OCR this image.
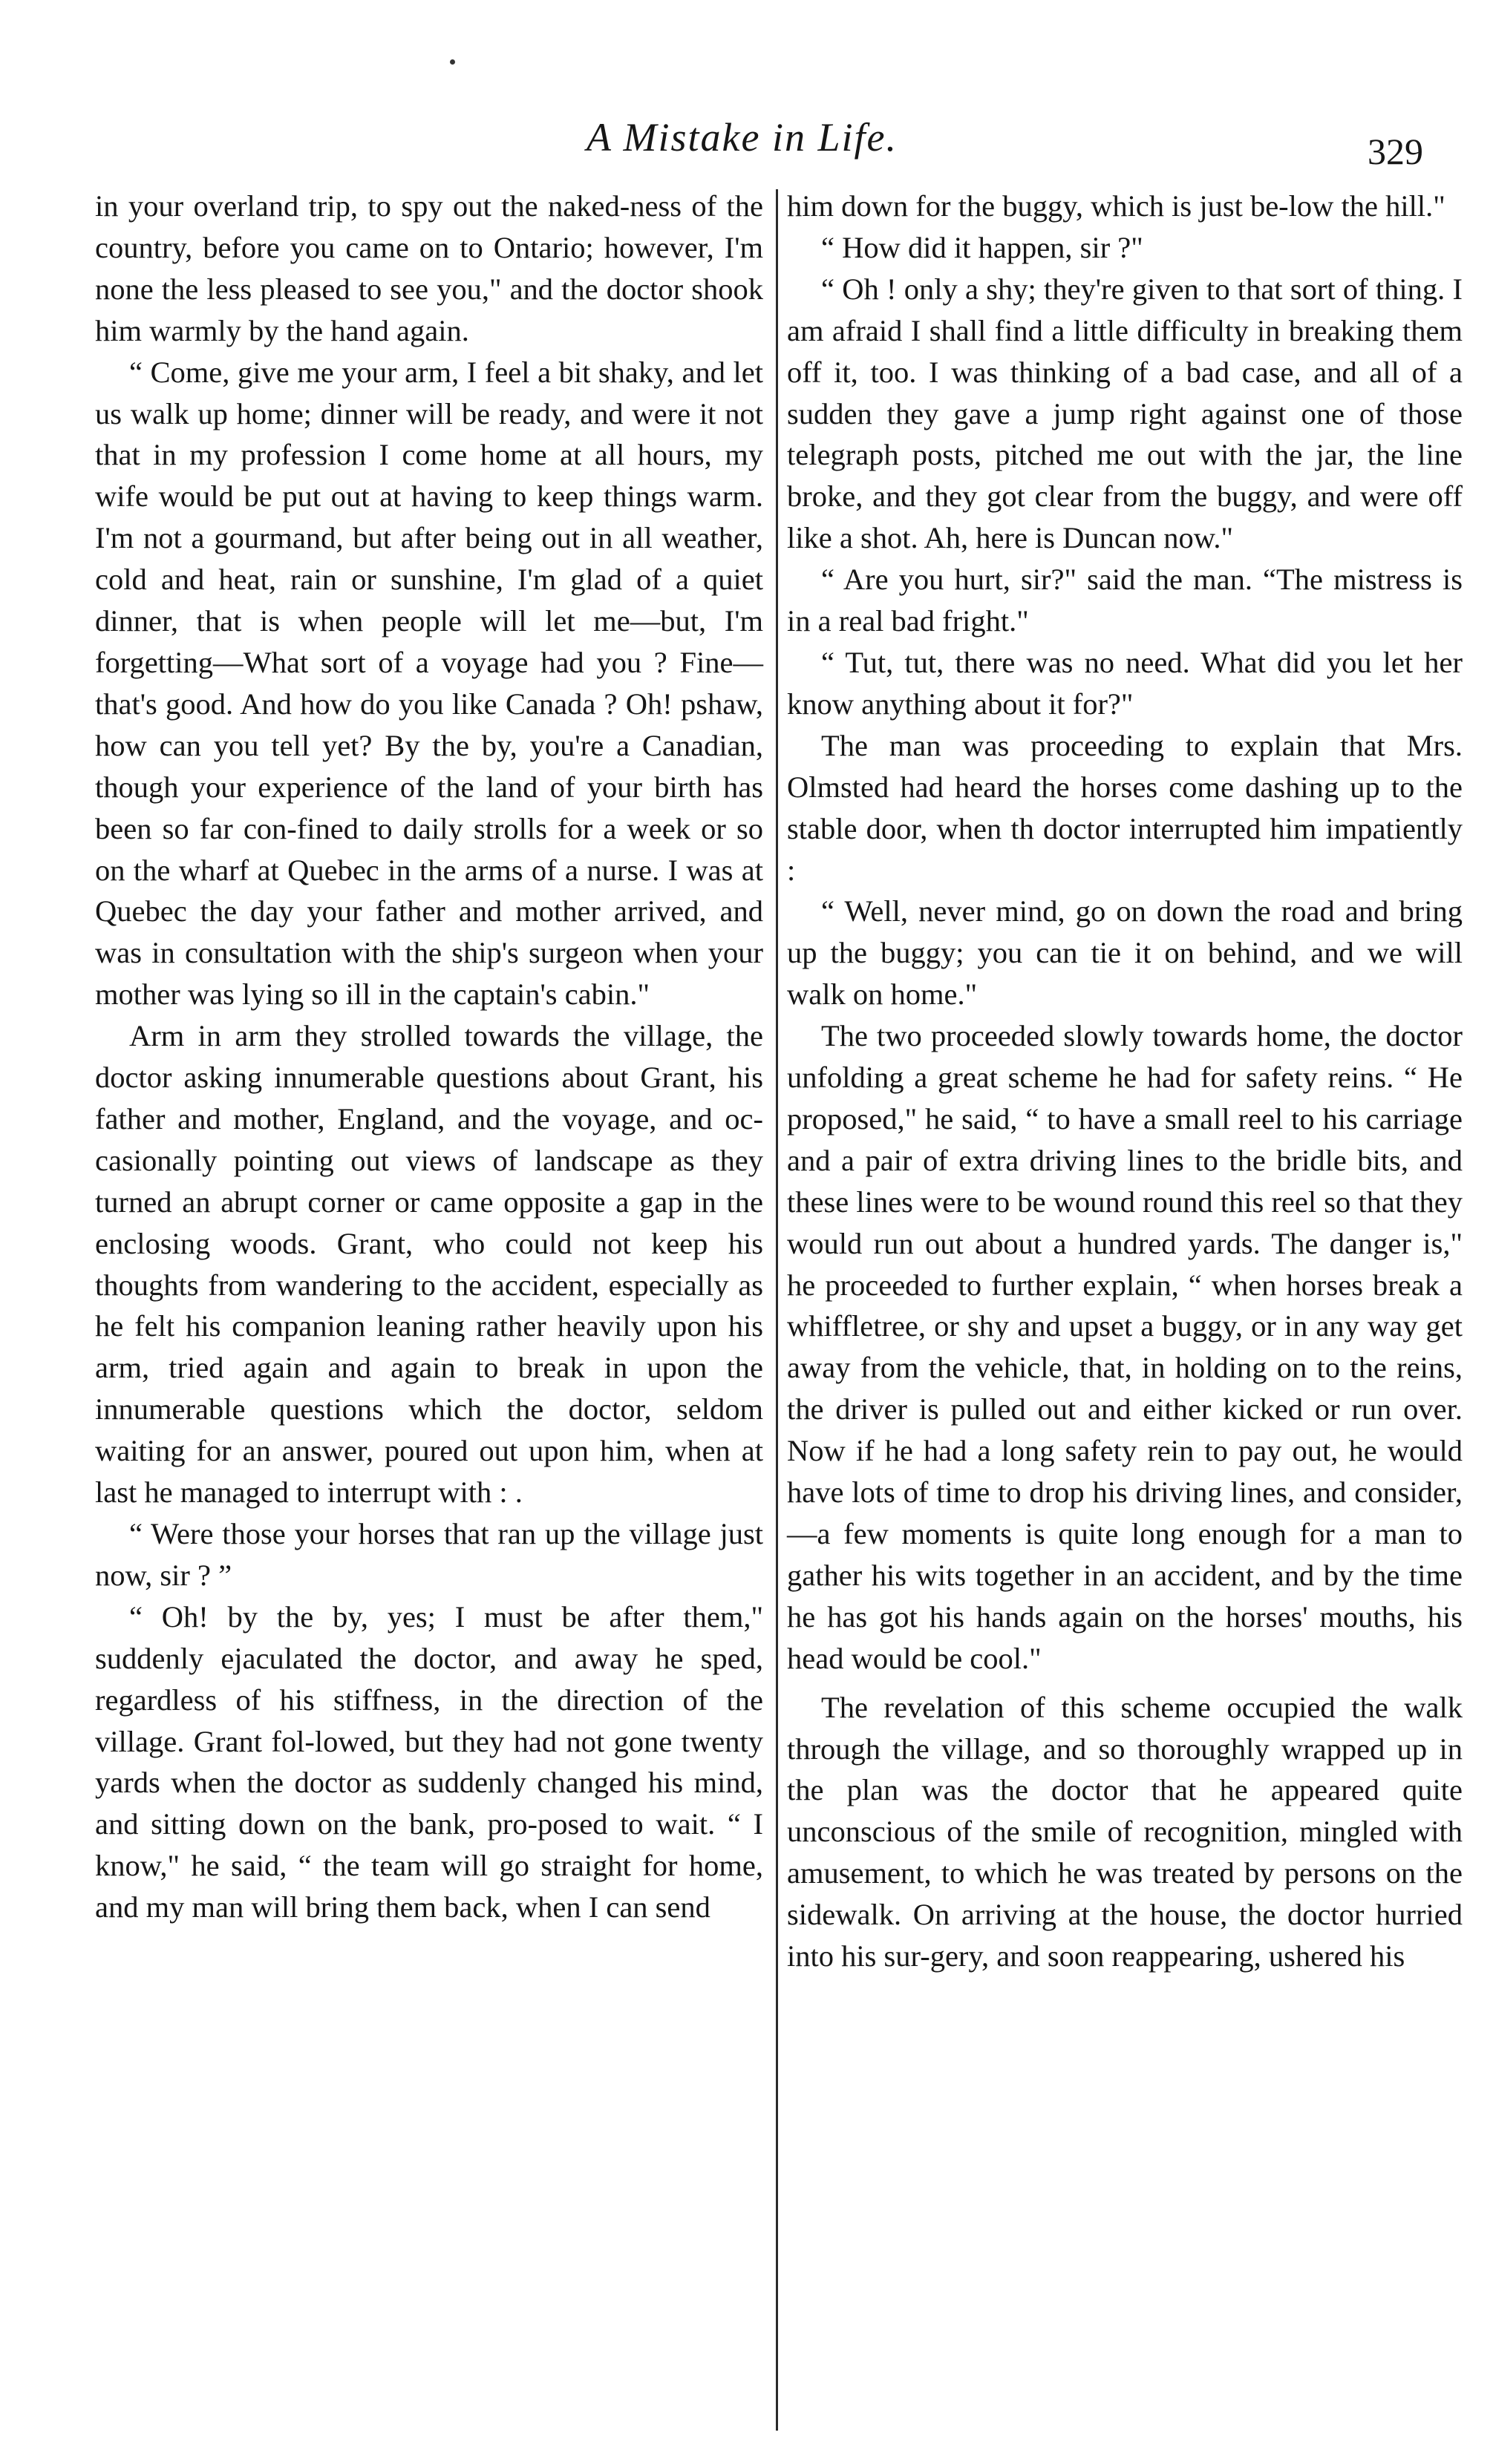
A Mistake in Life.	329

in your overland trip, to spy out the naked-ness of the country, before you came on to Ontario; however, I'm none the less pleased to see you," and the doctor shook him warmly by the hand again.

“ Come, give me your arm, I feel a bit shaky, and let us walk up home; dinner will be ready, and were it not that in my profession I come home at all hours, my wife would be put out at having to keep things warm. I'm not a gourmand, but after being out in all weather, cold and heat, rain or sunshine, I'm glad of a quiet dinner, that is when people will let me—but, I'm forgetting—What sort of a voyage had you ? Fine—that's good. And how do you like Canada ? Oh! pshaw, how can you tell yet? By the by, you're a Canadian, though your experience of the land of your birth has been so far con-fined to daily strolls for a week or so on the wharf at Quebec in the arms of a nurse. I was at Quebec the day your father and mother arrived, and was in consultation with the ship's surgeon when your mother was lying so ill in the captain's cabin."

Arm in arm they strolled towards the village, the doctor asking innumerable questions about Grant, his father and mother, England, and the voyage, and oc-casionally pointing out views of landscape as they turned an abrupt corner or came opposite a gap in the enclosing woods. Grant, who could not keep his thoughts from wandering to the accident, especially as he felt his companion leaning rather heavily upon his arm, tried again and again to break in upon the innumerable questions which the doctor, seldom waiting for an answer, poured out upon him, when at last he managed to interrupt with : .

“ Were those your horses that ran up the village just now, sir ? ”

“ Oh! by the by, yes; I must be after them," suddenly ejaculated the doctor, and away he sped, regardless of his stiffness, in the direction of the village. Grant fol-lowed, but they had not gone twenty yards when the doctor as suddenly changed his mind, and sitting down on the bank, pro-posed to wait. “ I know," he said, “ the team will go straight for home, and my man will bring them back, when I can send

him down for the buggy, which is just be-low the hill."

“ How did it happen, sir ?"

“ Oh ! only a shy; they're given to that sort of thing. I am afraid I shall find a little difficulty in breaking them off it, too. I was thinking of a bad case, and all of a sudden they gave a jump right against one of those telegraph posts, pitched me out with the jar, the line broke, and they got clear from the buggy, and were off like a shot. Ah, here is Duncan now."

“ Are you hurt, sir?" said the man. “The mistress is in a real bad fright."

“ Tut, tut, there was no need. What did you let her know anything about it for?"

The man was proceeding to explain that Mrs. Olmsted had heard the horses come dashing up to the stable door, when th doctor interrupted him impatiently :

“ Well, never mind, go on down the road and bring up the buggy; you can tie it on behind, and we will walk on home."

The two proceeded slowly towards home, the doctor unfolding a great scheme he had for safety reins. “ He proposed," he said, “ to have a small reel to his carriage and a pair of extra driving lines to the bridle bits, and these lines were to be wound round this reel so that they would run out about a hundred yards. The danger is," he proceeded to further explain, “ when horses break a whiffletree, or shy and upset a buggy, or in any way get away from the vehicle, that, in holding on to the reins, the driver is pulled out and either kicked or run over. Now if he had a long safety rein to pay out, he would have lots of time to drop his driving lines, and consider,—a few moments is quite long enough for a man to gather his wits together in an accident, and by the time he has got his hands again on the horses' mouths, his head would be cool."

The revelation of this scheme occupied the walk through the village, and so thoroughly wrapped up in the plan was the doctor that he appeared quite unconscious of the smile of recognition, mingled with amusement, to which he was treated by persons on the sidewalk. On arriving at the house, the doctor hurried into his sur-gery, and soon reappearing, ushered his
